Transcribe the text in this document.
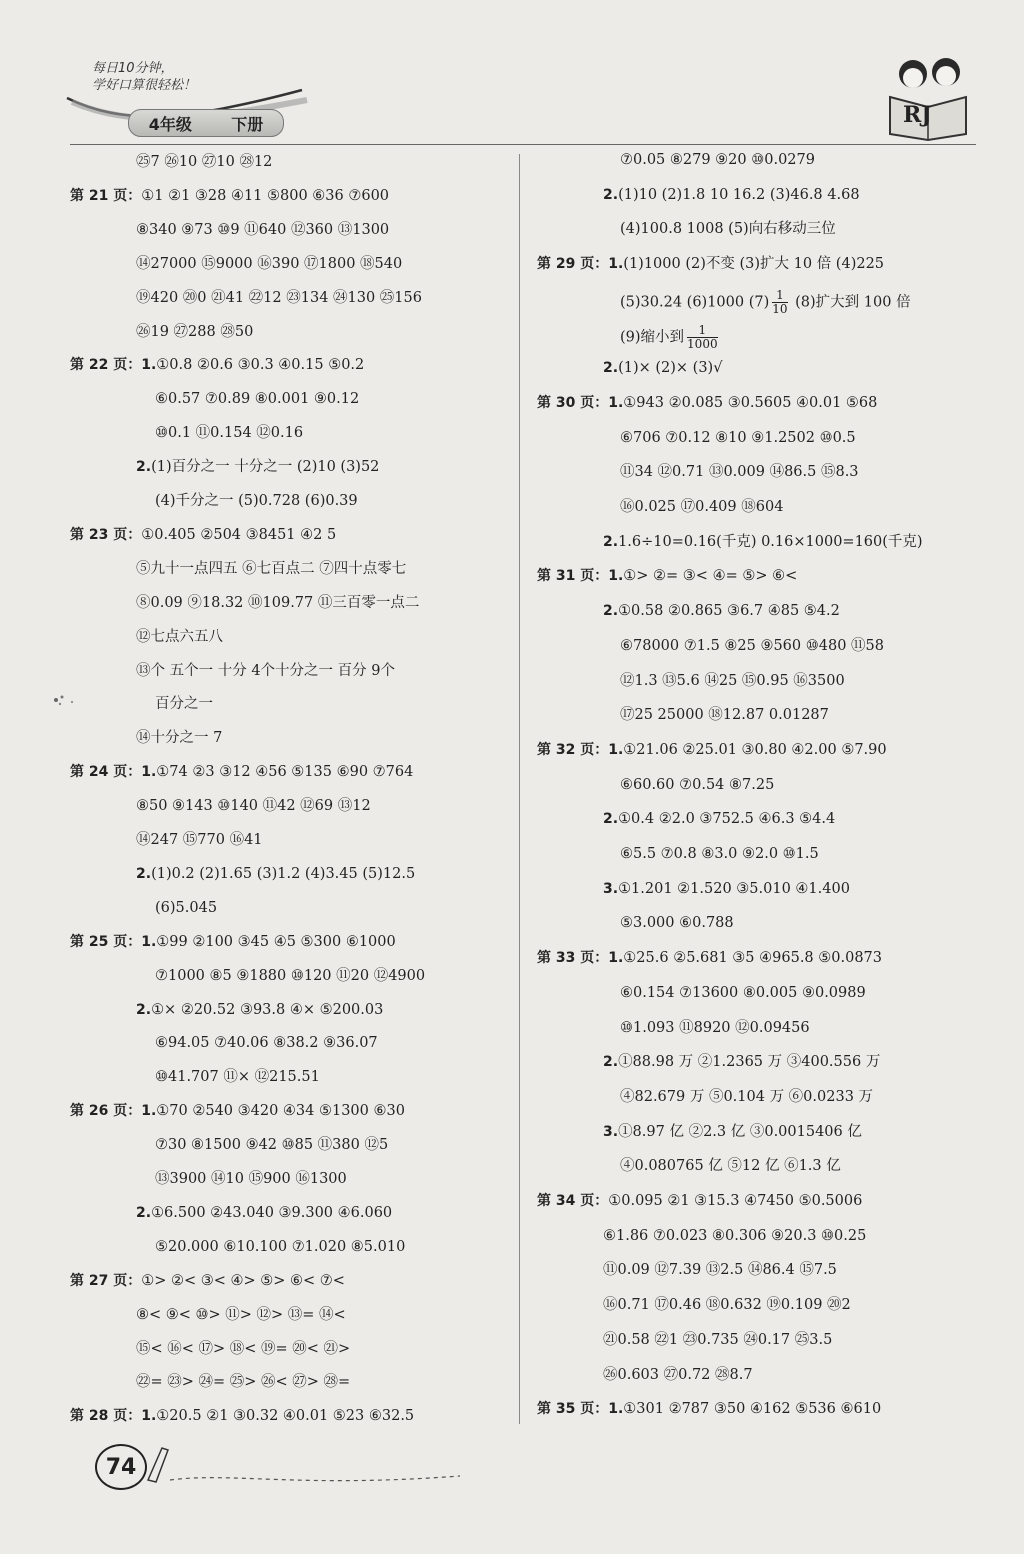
每日10分钟，
学好口算很轻松！
4年级 下册	RJ
㉕7 ㉖10 ㉗10 ㉘12
第 21 页：①1 ②1 ③28 ④11 ⑤800 ⑥36 ⑦600
⑧340 ⑨73 ⑩9 ⑪640 ⑫360 ⑬1300
⑭27000 ⑮9000 ⑯390 ⑰1800 ⑱540
⑲420 ⑳0 ㉑41 ㉒12 ㉓134 ㉔130 ㉕156
㉖19 ㉗288 ㉘50
第 22 页：1.①0.8 ②0.6 ③0.3 ④0.15 ⑤0.2
⑥0.57 ⑦0.89 ⑧0.001 ⑨0.12
⑩0.1 ⑪0.154 ⑫0.16
2.(1)百分之一 十分之一 (2)10 (3)52
(4)千分之一 (5)0.728 (6)0.39
第 23 页：①0.405 ②504 ③8451 ④2 5
⑤九十一点四五 ⑥七百点二 ⑦四十点零七
⑧0.09 ⑨18.32 ⑩109.77 ⑪三百零一点二
⑫七点六五八
⑬个 五个一 十分 4个十分之一 百分 9个
百分之一
⑭十分之一 7
第 24 页：1.①74 ②3 ③12 ④56 ⑤135 ⑥90 ⑦764
⑧50 ⑨143 ⑩140 ⑪42 ⑫69 ⑬12
⑭247 ⑮770 ⑯41
2.(1)0.2 (2)1.65 (3)1.2 (4)3.45 (5)12.5
(6)5.045
第 25 页：1.①99 ②100 ③45 ④5 ⑤300 ⑥1000
⑦1000 ⑧5 ⑨1880 ⑩120 ⑪20 ⑫4900
2.①× ②20.52 ③93.8 ④× ⑤200.03
⑥94.05 ⑦40.06 ⑧38.2 ⑨36.07
⑩41.707 ⑪× ⑫215.51
第 26 页：1.①70 ②540 ③420 ④34 ⑤1300 ⑥30
⑦30 ⑧1500 ⑨42 ⑩85 ⑪380 ⑫5
⑬3900 ⑭10 ⑮900 ⑯1300
2.①6.500 ②43.040 ③9.300 ④6.060
⑤20.000 ⑥10.100 ⑦1.020 ⑧5.010
第 27 页：①> ②< ③< ④> ⑤> ⑥< ⑦<
⑧< ⑨< ⑩> ⑪> ⑫> ⑬= ⑭<
⑮< ⑯< ⑰> ⑱< ⑲= ⑳< ㉑>
㉒= ㉓> ㉔= ㉕> ㉖< ㉗> ㉘=
第 28 页：1.①20.5 ②1 ③0.32 ④0.01 ⑤23 ⑥32.5
⑦0.05 ⑧279 ⑨20 ⑩0.0279
2.(1)10 (2)1.8 10 16.2 (3)46.8 4.68
(4)100.8 1008 (5)向右移动三位
第 29 页：1.(1)1000 (2)不变 (3)扩大 10 倍 (4)225
(5)30.24 (6)1000 $(7) \frac{1}{10} (8)$扩大到 100 倍
(9)缩小到 $\frac{1}{1000}$
2.(1)× (2)× (3)√
第 30 页：1.①943 ②0.085 ③0.5605 ④0.01 ⑤68
⑥706 ⑦0.12 ⑧10 ⑨1.2502 ⑩0.5
⑪34 ⑫0.71 ⑬0.009 ⑭86.5 ⑮8.3
⑯0.025 ⑰0.409 ⑱604
2.1.6÷10=0.16(千克) 0.16×1000=160(千克)
第 31 页：1.①> ②= ③< ④= ⑤> ⑥<
2.①0.58 ②0.865 ③6.7 ④85 ⑤4.2
⑥78000 ⑦1.5 ⑧25 ⑨560 ⑩480 ⑪58
⑫1.3 ⑬5.6 ⑭25 ⑮0.95 ⑯3500
⑰25 25000 ⑱12.87 0.01287
第 32 页：1.①21.06 ②25.01 ③0.80 ④2.00 ⑤7.90
⑥60.60 ⑦0.54 ⑧7.25
2.①0.4 ②2.0 ③752.5 ④6.3 ⑤4.4
⑥5.5 ⑦0.8 ⑧3.0 ⑨2.0 ⑩1.5
3.①1.201 ②1.520 ③5.010 ④1.400
⑤3.000 ⑥0.788
第 33 页：1.①25.6 ②5.681 ③5 ④965.8 ⑤0.0873
⑥0.154 ⑦13600 ⑧0.005 ⑨0.0989
⑩1.093 ⑪8920 ⑫0.09456
2.①88.98 万 ②1.2365 万 ③400.556 万
④82.679 万 ⑤0.104 万 ⑥0.0233 万
3.①8.97 亿 ②2.3 亿 ③0.0015406 亿
④0.080765 亿 ⑤12 亿 ⑥1.3 亿
第 34 页：①0.095 ②1 ③15.3 ④7450 ⑤0.5006
⑥1.86 ⑦0.023 ⑧0.306 ⑨20.3 ⑩0.25
⑪0.09 ⑫7.39 ⑬2.5 ⑭86.4 ⑮7.5
⑯0.71 ⑰0.46 ⑱0.632 ⑲0.109 ⑳2
㉑0.58 ㉒1 ㉓0.735 ㉔0.17 ㉕3.5
㉖0.603 ㉗0.72 ㉘8.7
第 35 页：1.①301 ②787 ③50 ④162 ⑤536 ⑥610
74
